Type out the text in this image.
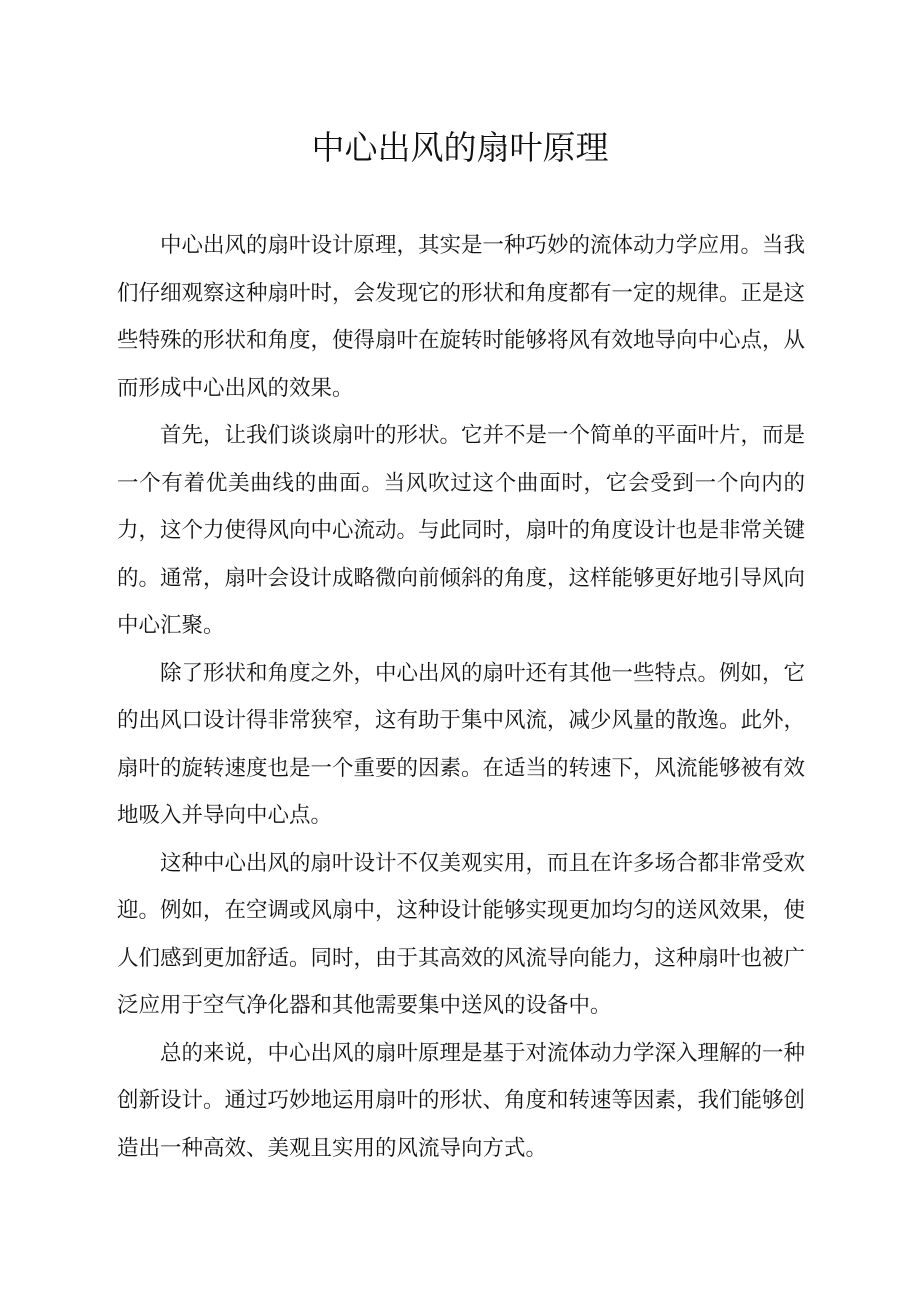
中心出风的扇叶原理

中心出风的扇叶设计原理，其实是一种巧妙的流体动力学应用。当我们仔细观察这种扇叶时，会发现它的形状和角度都有一定的规律。正是这些特殊的形状和角度，使得扇叶在旋转时能够将风有效地导向中心点，从而形成中心出风的效果。

首先，让我们谈谈扇叶的形状。它并不是一个简单的平面叶片，而是一个有着优美曲线的曲面。当风吹过这个曲面时，它会受到一个向内的力，这个力使得风向中心流动。与此同时，扇叶的角度设计也是非常关键的。通常，扇叶会设计成略微向前倾斜的角度，这样能够更好地引导风向中心汇聚。

除了形状和角度之外，中心出风的扇叶还有其他一些特点。例如，它的出风口设计得非常狭窄，这有助于集中风流，减少风量的散逸。此外，扇叶的旋转速度也是一个重要的因素。在适当的转速下，风流能够被有效地吸入并导向中心点。

这种中心出风的扇叶设计不仅美观实用，而且在许多场合都非常受欢迎。例如，在空调或风扇中，这种设计能够实现更加均匀的送风效果，使人们感到更加舒适。同时，由于其高效的风流导向能力，这种扇叶也被广泛应用于空气净化器和其他需要集中送风的设备中。

总的来说，中心出风的扇叶原理是基于对流体动力学深入理解的一种创新设计。通过巧妙地运用扇叶的形状、角度和转速等因素，我们能够创造出一种高效、美观且实用的风流导向方式。
